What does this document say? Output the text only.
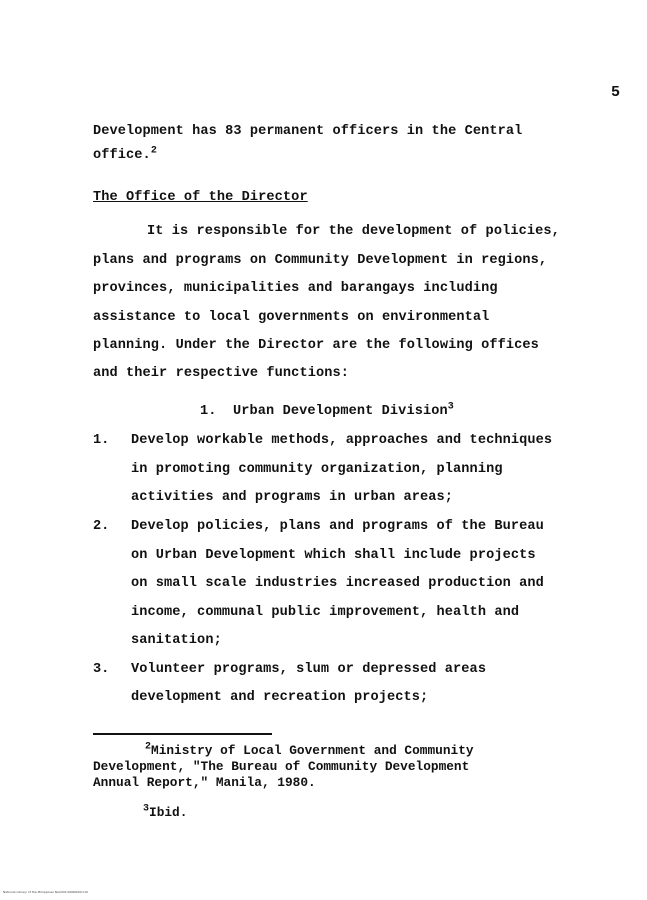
5
Development has 83 permanent officers in the Central
office.$^2$
The Office of the Director
It is responsible for the development of policies,
plans and programs on Community Development in regions,
provinces, municipalities and barangays including
assistance to local governments on environmental
planning. Under the Director are the following offices
and their respective functions:
1. Urban Development Division$^3$
1. Develop workable methods, approaches and techniques
in promoting community organization, planning
activities and programs in urban areas;
2. Develop policies, plans and programs of the Bureau
on Urban Development which shall include projects
on small scale industries increased production and
income, communal public improvement, health and
sanitation;
3. Volunteer programs, slum or depressed areas
development and recreation projects;
$^2$Ministry of Local Government and Community
Development, "The Bureau of Community Development
Annual Report," Manila, 1980.
$^3$Ibid.
National Library of the Philippines N/A/001/0000000/110
